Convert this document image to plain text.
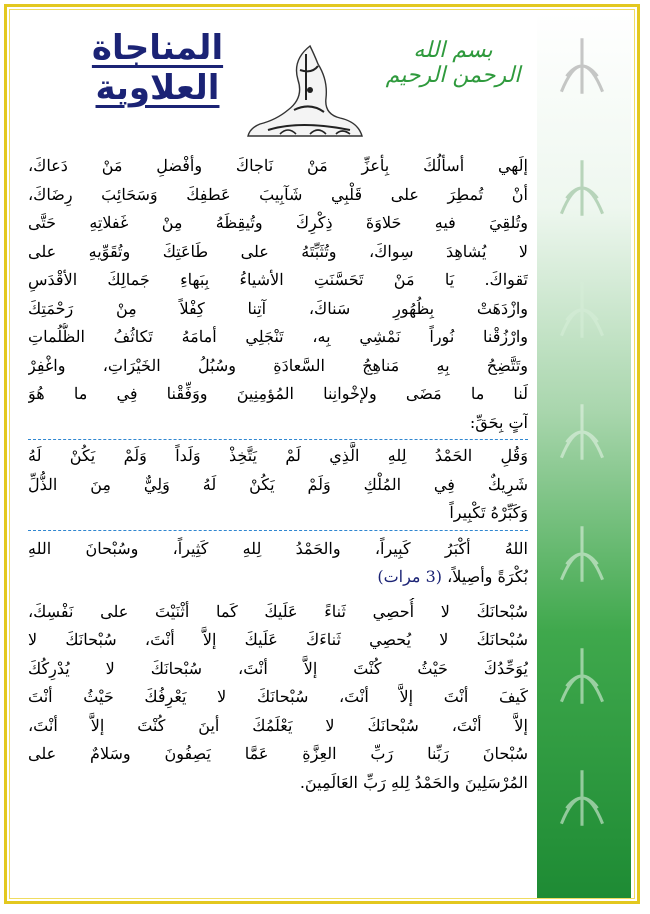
بسم الله الرحمن الرحيم
المناجاة العلاوية
إلَهي أسألُكَ بِأعزِّ مَنْ نَاجاكَ وأفْضلِ مَنْ دَعاكَ،
أنْ تُمطِرَ على قَلْبِي شَآبِيبَ عَطفِكَ وَسَحَائِبَ رِضَاكَ،
وتُلقِيَ فيهِ حَلاوَةَ ذِكْرِكَ وتُيقِظَهُ مِنْ غَفلاتِهِ حَتَّى
لا يُشاهِدَ سِواكَ، وتُثَبِّتَهُ على طَاعَتِكَ وتُقَوِّيهِ على
تَقواكَ. يَا مَنْ تَحَسَّنَتِ الأشياءُ بِبَهاءِ جَمالِكَ الأقْدَسِ
وازْدَهَتْ بِظُهُورِ سَناكَ، آتِنا كِفْلاً مِنْ رَحْمَتِكَ
وارْزُقْنا نُوراً نَمْشِي بِه، تَنْجَلِي أمامَهُ تَكاثُفُ الظُّلُماتِ
وتَتَّضِحُ بِهِ مَناهِجُ السَّعادَةِ وسُبُلُ الخَيْرَاتِ، واغْفِرْ
لَنا ما مَضَى ولإخْوانِنا المُؤمِنِينَ ووَفِّقْنا فِي ما هُوَ
آتٍ بِحَقِّ:
وَقُلِ الحَمْدُ لِلهِ الَّذِي لَمْ يَتَّخِذْ وَلَداً وَلَمْ يَكُنْ لَهُ
شَرِيكٌ فِي المُلْكِ وَلَمْ يَكُنْ لَهُ وَلِيٌّ مِنَ الذُّلِّ
وَكَبِّرْهُ تَكْبِيراً
اللهُ أكْبَرُ كَبِيراً، والحَمْدُ لِلهِ كَثِيراً، وسُبْحانَ اللهِ
بُكْرَةً وأصِيلاً، (3 مرات)
سُبْحانَكَ لا أُحصِي ثَناءً عَلَيكَ كَما أثْنَيْتَ على نَفْسِكَ،
سُبْحانَكَ لا يُحصِي ثَناءَكَ عَلَيكَ إلاَّ أنْتَ، سُبْحانَكَ لا
يُوَحِّدُكَ حَيْثُ كُنْتَ إلاَّ أنْتَ، سُبْحانَكَ لا يُدْرِكُكَ
كَيفَ أنْتَ إلاَّ أنْتَ، سُبْحانَكَ لا يَعْرِفُكَ حَيْثُ أنْتَ
إلاَّ أنْتَ، سُبْحانَكَ لا يَعْلَمُكَ أينَ كُنْتَ إلاَّ أنْتَ،
سُبْحانَ رَبِّنا رَبِّ العِزَّةِ عَمَّا يَصِفُونَ وسَلامٌ على
المُرْسَلِينَ والحَمْدُ لِلهِ رَبِّ العَالَمِينَ.
